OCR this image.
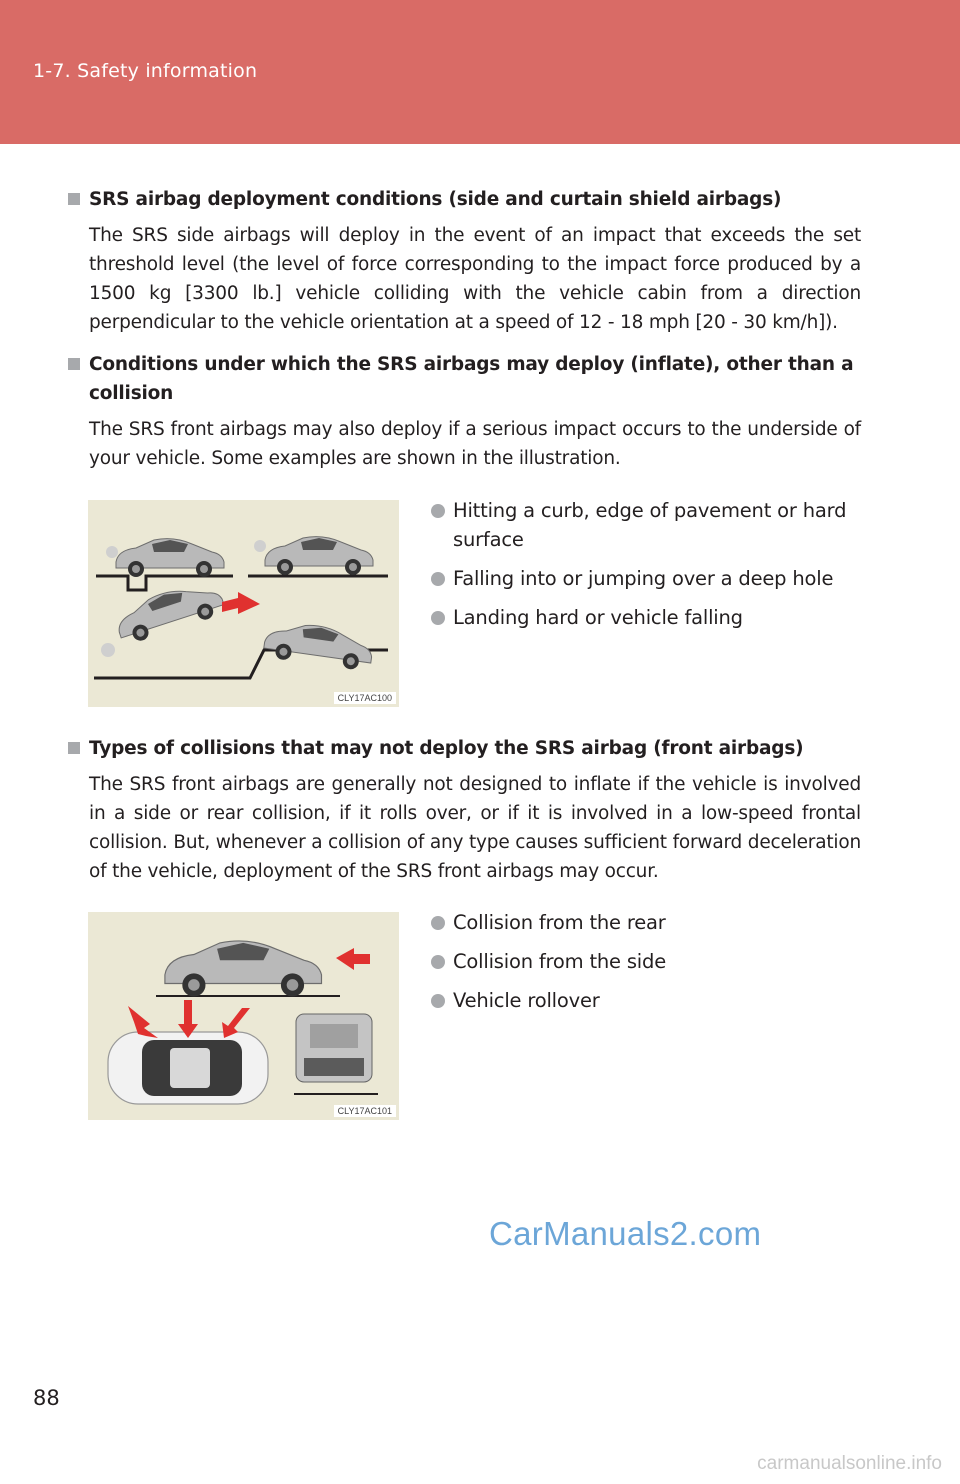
1-7. Safety information
SRS airbag deployment conditions (side and curtain shield airbags)
The SRS side airbags will deploy in the event of an impact that exceeds the set threshold level (the level of force corresponding to the impact force produced by a 1500 kg [3300 lb.] vehicle colliding with the vehicle cabin from a direction perpendicular to the vehicle orientation at a speed of 12 - 18 mph [20 - 30 km/h]).
Conditions under which the SRS airbags may deploy (inflate), other than a collision
The SRS front airbags may also deploy if a serious impact occurs to the underside of your vehicle. Some examples are shown in the illustration.
CLY17AC100
Hitting a curb, edge of pavement or hard surface
Falling into or jumping over a deep hole
Landing hard or vehicle falling
Types of collisions that may not deploy the SRS airbag (front airbags)
The SRS front airbags are generally not designed to inflate if the vehicle is involved in a side or rear collision, if it rolls over, or if it is involved in a low-speed frontal collision. But, whenever a collision of any type causes sufficient forward deceleration of the vehicle, deployment of the SRS front airbags may occur.
CLY17AC101
Collision from the rear
Collision from the side
Vehicle rollover
CarManuals2.com
88
carmanualsonline.info
